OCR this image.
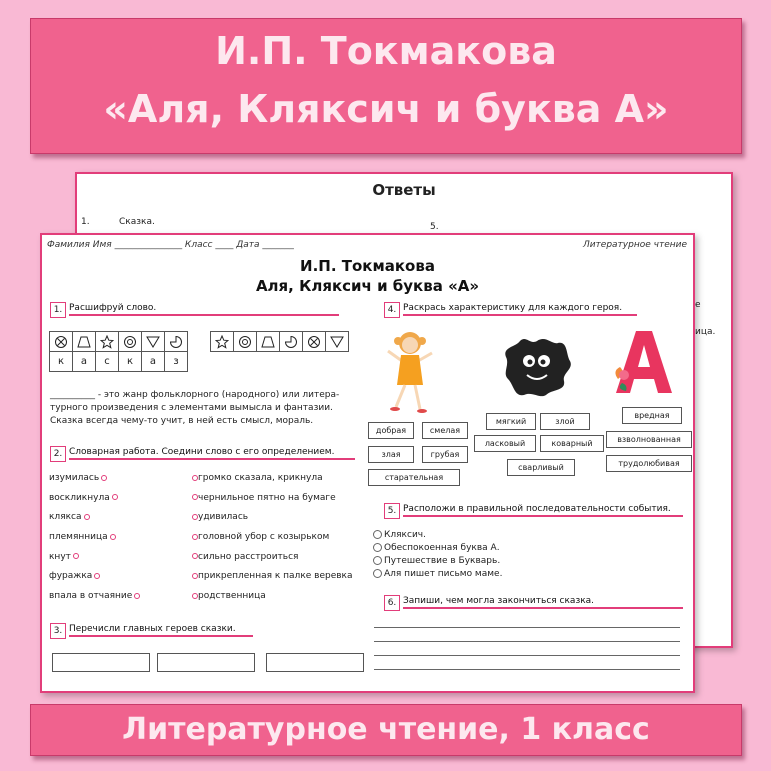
И.П. Токмакова
«Аля, Кляксич и буква А»
Ответы
1.	Сказка.	5.
е
ица.
Фамилия Имя _______________ Класс ____ Дата _______	Литературное чтение
И.П. Токмакова
Аля, Кляксич и буква «А»
1. Расшифруй слово.

к	а	с	к	а	з

__________ - это жанр фольклорного (народного) или литера-
турного произведения с элементами вымысла и фантазии.
Сказка всегда чему-то учит, в ней есть смысл, мораль.
2. Словарная работа. Соедини слово с его определением.
изумилась
воскликнула
клякса
племянница
кнут
фуражка
впала в отчаяние
громко сказала, крикнула
чернильное пятно на бумаге
удивилась
головной убор с козырьком
сильно расстроиться
прикрепленная к палке веревка
родственница
3. Перечисли главных героев сказки.
4. Раскрась характеристику для каждого героя.
добрая	смелая
злая	грубая
старательная
мягкий	злой
ласковый	коварный
сварливый
вредная
взволнованная
трудолюбивая
5. Расположи в правильной последовательности события.
Кляксич.
Обеспокоенная буква А.
Путешествие в Букварь.
Аля пишет письмо маме.
6. Запиши, чем могла закончиться сказка.
Литературное чтение, 1 класс
